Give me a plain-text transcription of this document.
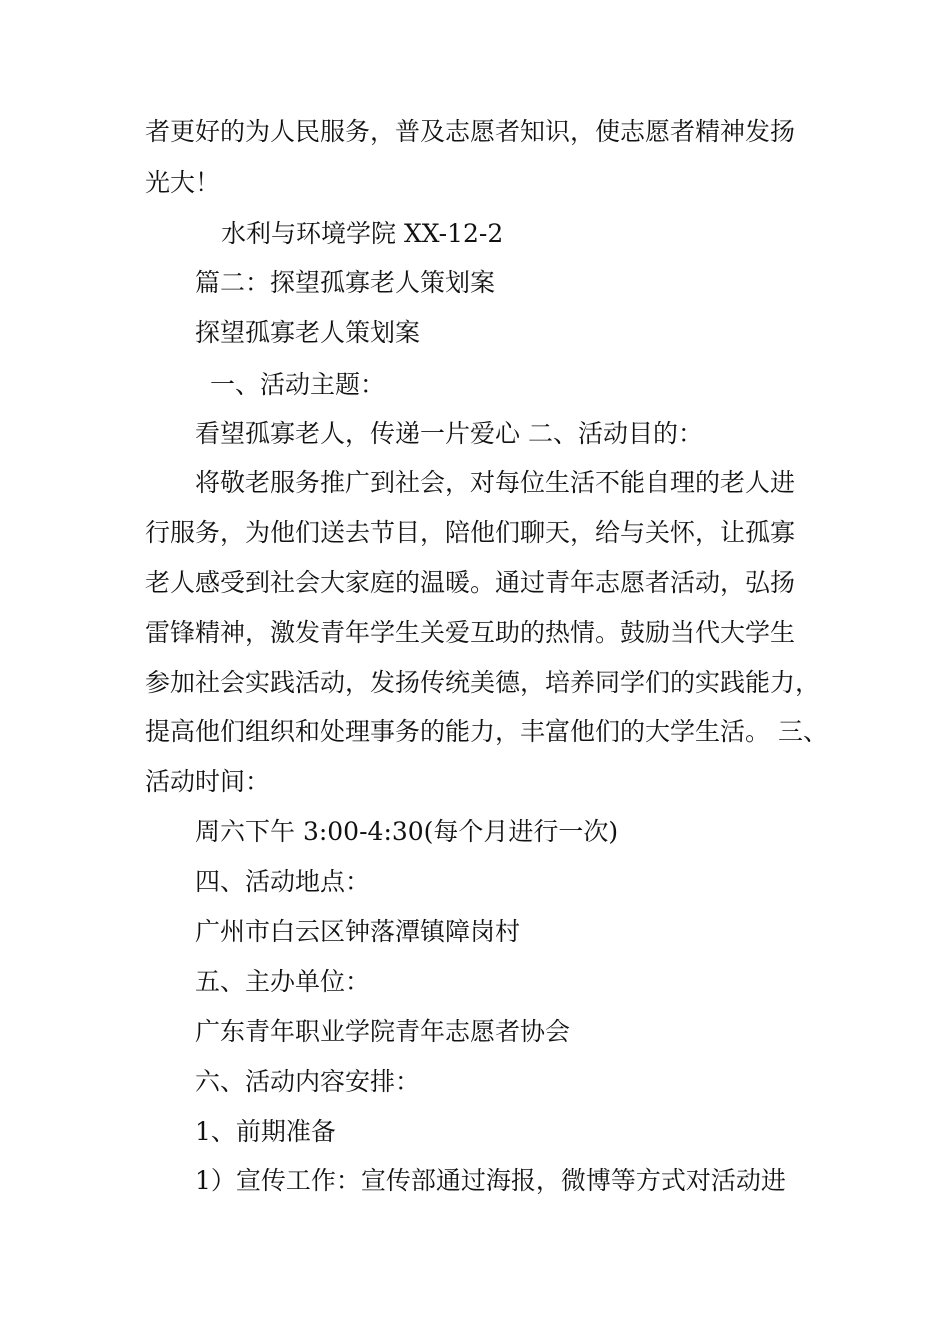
者更好的为人民服务，普及志愿者知识，使志愿者精神发扬
光大！
水利与环境学院 XX-12-2
篇二：探望孤寡老人策划案
探望孤寡老人策划案
一、活动主题：
看望孤寡老人，传递一片爱心 二、活动目的：
将敬老服务推广到社会，对每位生活不能自理的老人进
行服务，为他们送去节目，陪他们聊天，给与关怀，让孤寡
老人感受到社会大家庭的温暖。通过青年志愿者活动，弘扬
雷锋精神，激发青年学生关爱互助的热情。鼓励当代大学生
参加社会实践活动，发扬传统美德，培养同学们的实践能力，
提高他们组织和处理事务的能力，丰富他们的大学生活。 三、
活动时间：
周六下午 3:00-4:30(每个月进行一次)
四、活动地点：
广州市白云区钟落潭镇障岗村
五、主办单位：
广东青年职业学院青年志愿者协会
六、活动内容安排：
1、前期准备
1）宣传工作：宣传部通过海报，微博等方式对活动进
